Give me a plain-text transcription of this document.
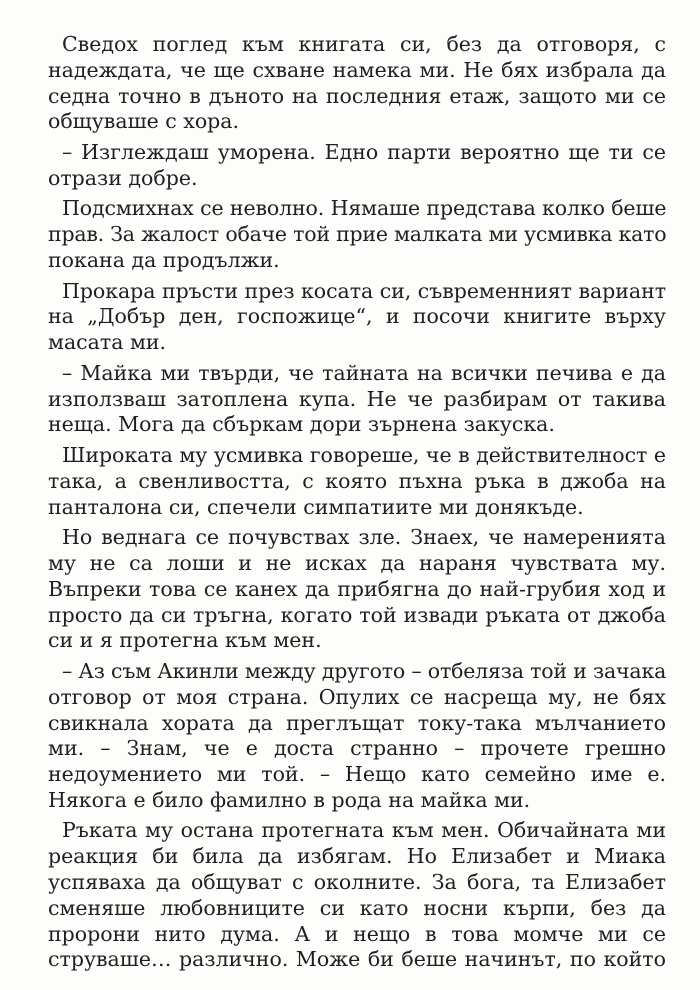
Сведох поглед към книгата си, без да отговоря, с
надеждата, че ще схване намека ми. Не бях избрала да
седна точно в дъното на последния етаж, защото ми се
общуваше с хора.
– Изглеждаш уморена. Едно парти вероятно ще ти се
отрази добре.
Подсмихнах се неволно. Нямаше представа колко беше
прав. За жалост обаче той прие малката ми усмивка като
покана да продължи.
Прокара пръсти през косата си, съвременният вариант
на „Добър ден, госпожице“, и посочи книгите върху
масата ми.
– Майка ми твърди, че тайната на всички печива е да
използваш затоплена купа. Не че разбирам от такива
неща. Мога да сбъркам дори зърнена закуска.
Широката му усмивка говореше, че в действителност е
така, а свенливостта, с която пъхна ръка в джоба на
панталона си, спечели симпатиите ми донякъде.
Но веднага се почувствах зле. Знаех, че намеренията
му не са лоши и не исках да нараня чувствата му.
Въпреки това се канех да прибягна до най-грубия ход и
просто да си тръгна, когато той извади ръката от джоба
си и я протегна към мен.
– Аз съм Акинли между другото – отбеляза той и зачака
отговор от моя страна. Опулих се насреща му, не бях
свикнала хората да преглъщат току-така мълчанието
ми. – Знам, че е доста странно – прочете грешно
недоумението ми той. – Нещо като семейно име е.
Някога е било фамилно в рода на майка ми.
Ръката му остана протегната към мен. Обичайната ми
реакция би била да избягам. Но Елизабет и Миака
успяваха да общуват с околните. За бога, та Елизабет
сменяше любовниците си като носни кърпи, без да
пророни нито дума. А и нещо в това момче ми се
струваше… различно. Може би беше начинът, по който
